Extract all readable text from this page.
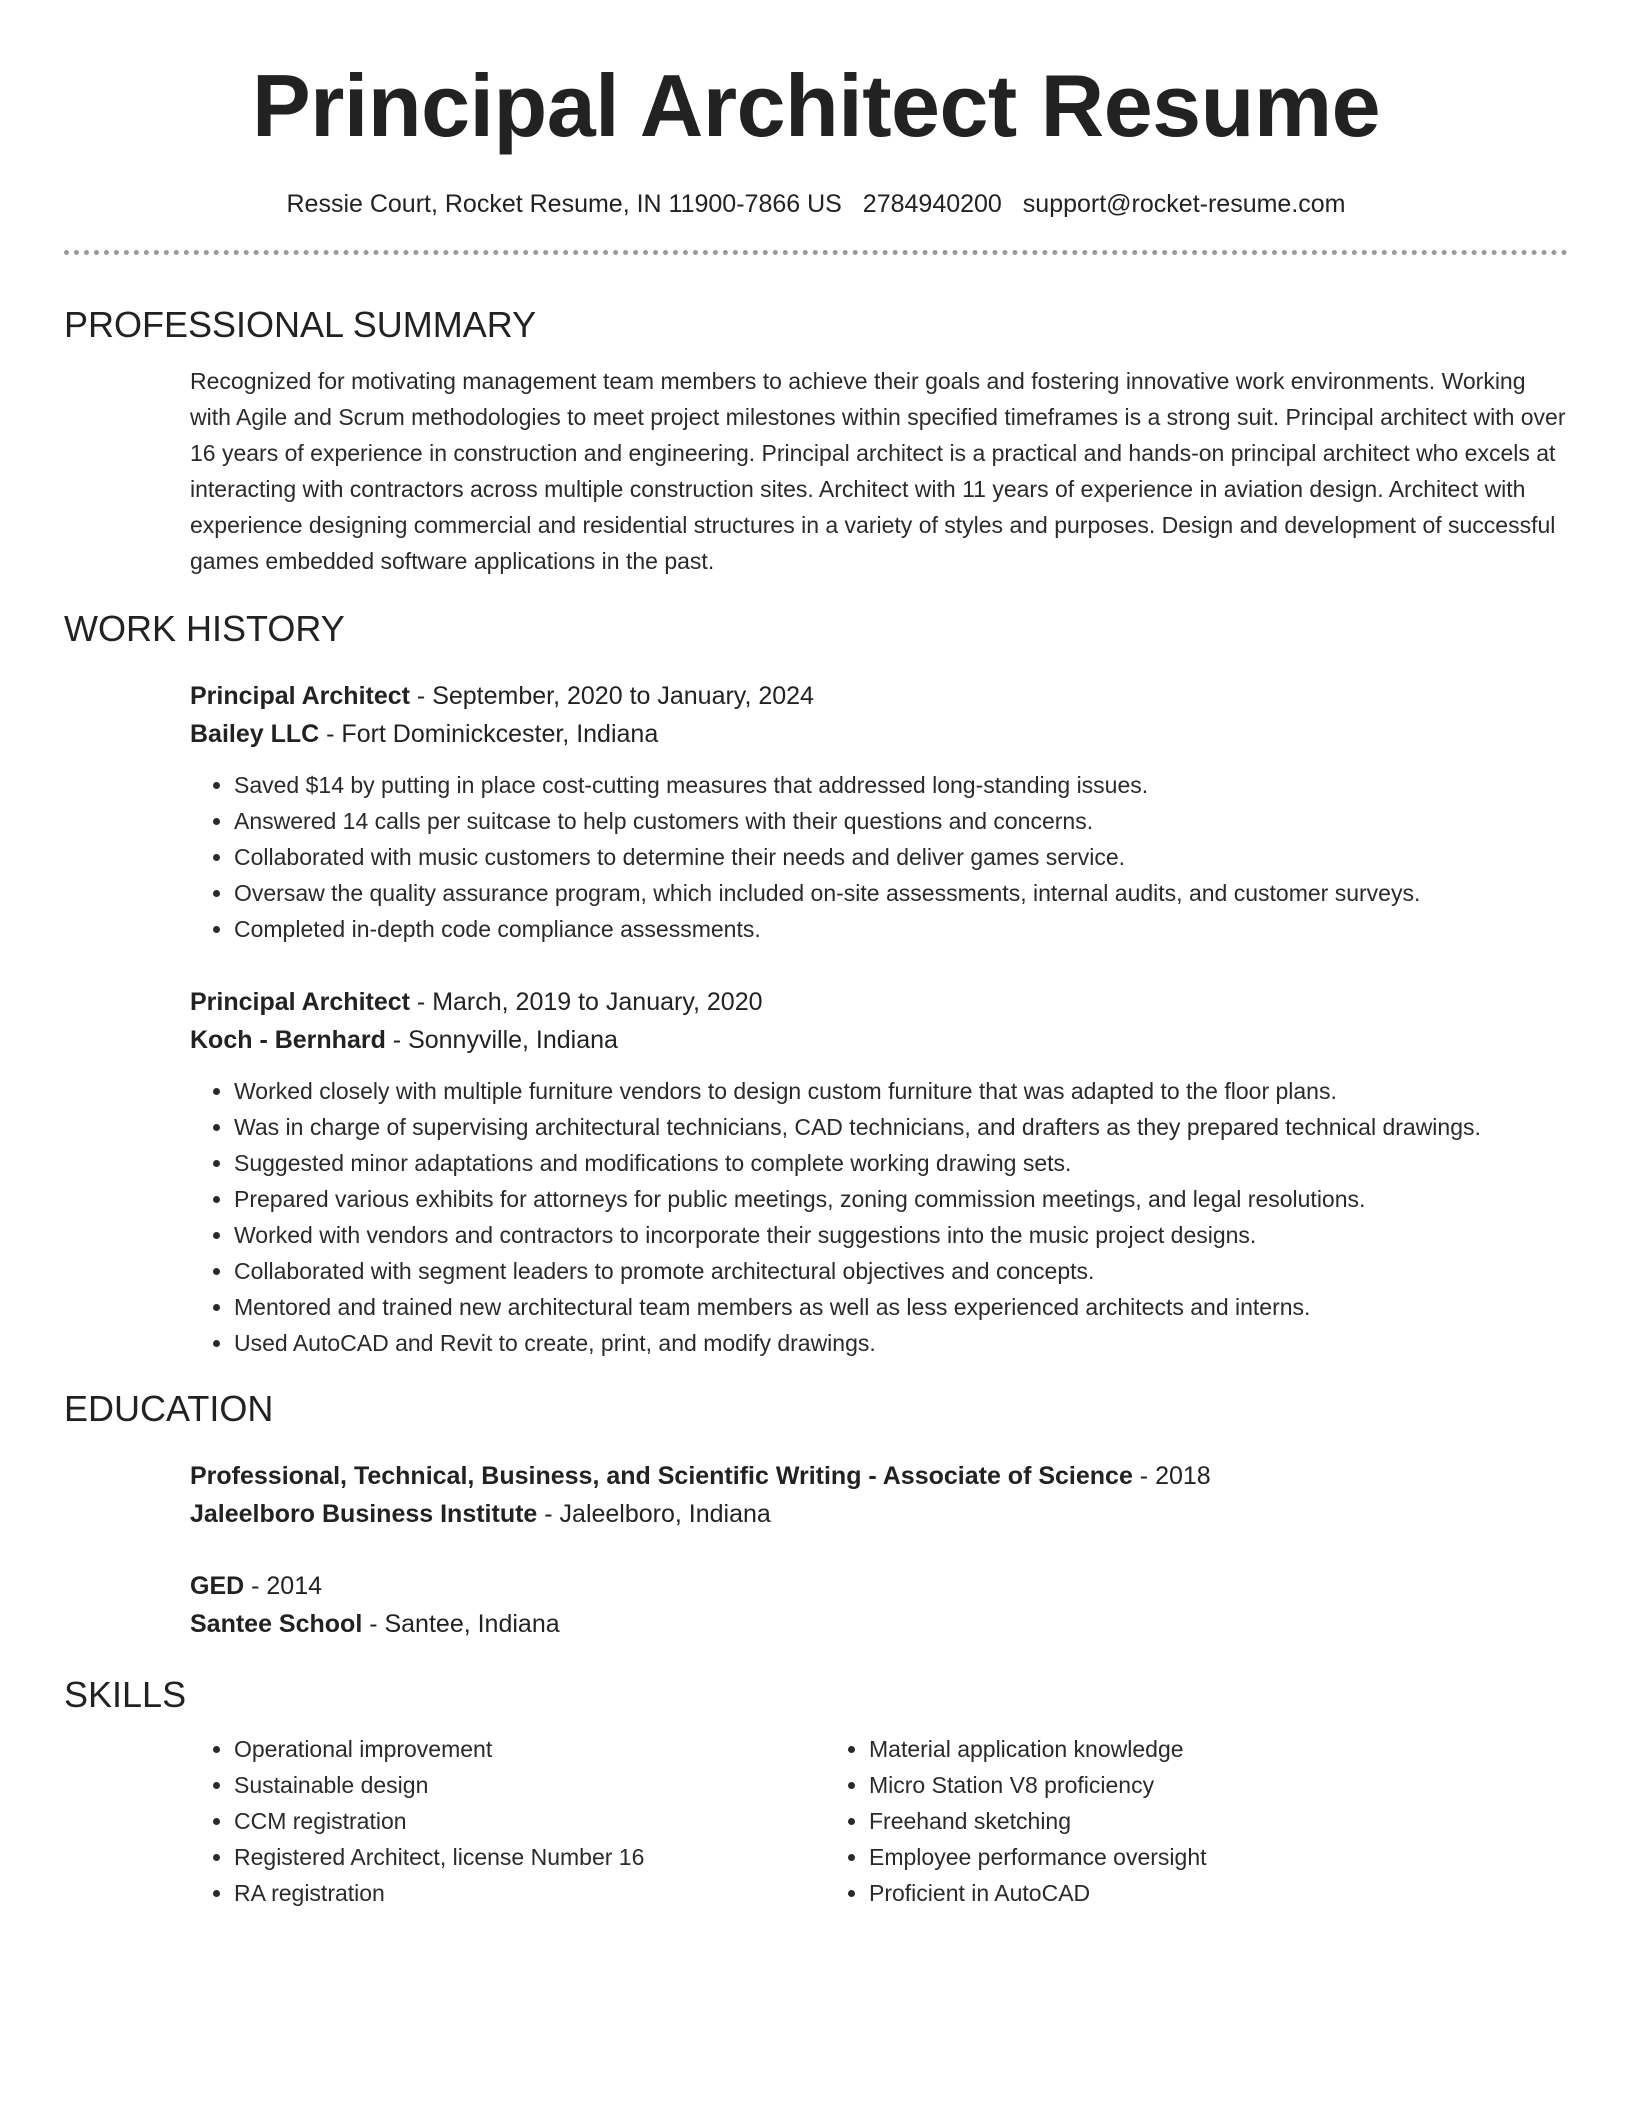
Principal Architect Resume
Ressie Court, Rocket Resume, IN 11900-7866 US 2784940200 support@rocket-resume.com
PROFESSIONAL SUMMARY

Recognized for motivating management team members to achieve their goals and fostering innovative work environments. Working with Agile and Scrum methodologies to meet project milestones within specified timeframes is a strong suit. Principal architect with over 16 years of experience in construction and engineering. Principal architect is a practical and hands-on principal architect who excels at interacting with contractors across multiple construction sites. Architect with 11 years of experience in aviation design. Architect with experience designing commercial and residential structures in a variety of styles and purposes. Design and development of successful games embedded software applications in the past.

WORK HISTORY
Principal Architect - September, 2020 to January, 2024
Bailey LLC - Fort Dominickcester, Indiana
• Saved $14 by putting in place cost-cutting measures that addressed long-standing issues.
• Answered 14 calls per suitcase to help customers with their questions and concerns.
• Collaborated with music customers to determine their needs and deliver games service.
• Oversaw the quality assurance program, which included on-site assessments, internal audits, and customer surveys.
• Completed in-depth code compliance assessments.
Principal Architect - March, 2019 to January, 2020
Koch - Bernhard - Sonnyville, Indiana
• Worked closely with multiple furniture vendors to design custom furniture that was adapted to the floor plans.
• Was in charge of supervising architectural technicians, CAD technicians, and drafters as they prepared technical drawings.
• Suggested minor adaptations and modifications to complete working drawing sets.
• Prepared various exhibits for attorneys for public meetings, zoning commission meetings, and legal resolutions.
• Worked with vendors and contractors to incorporate their suggestions into the music project designs.
• Collaborated with segment leaders to promote architectural objectives and concepts.
• Mentored and trained new architectural team members as well as less experienced architects and interns.
• Used AutoCAD and Revit to create, print, and modify drawings.
EDUCATION
Professional, Technical, Business, and Scientific Writing - Associate of Science - 2018
Jaleelboro Business Institute - Jaleelboro, Indiana
GED - 2014
Santee School - Santee, Indiana
SKILLS
• Operational improvement
• Sustainable design
• CCM registration
• Registered Architect, license Number 16
• RA registration
• Material application knowledge
• Micro Station V8 proficiency
• Freehand sketching
• Employee performance oversight
• Proficient in AutoCAD
